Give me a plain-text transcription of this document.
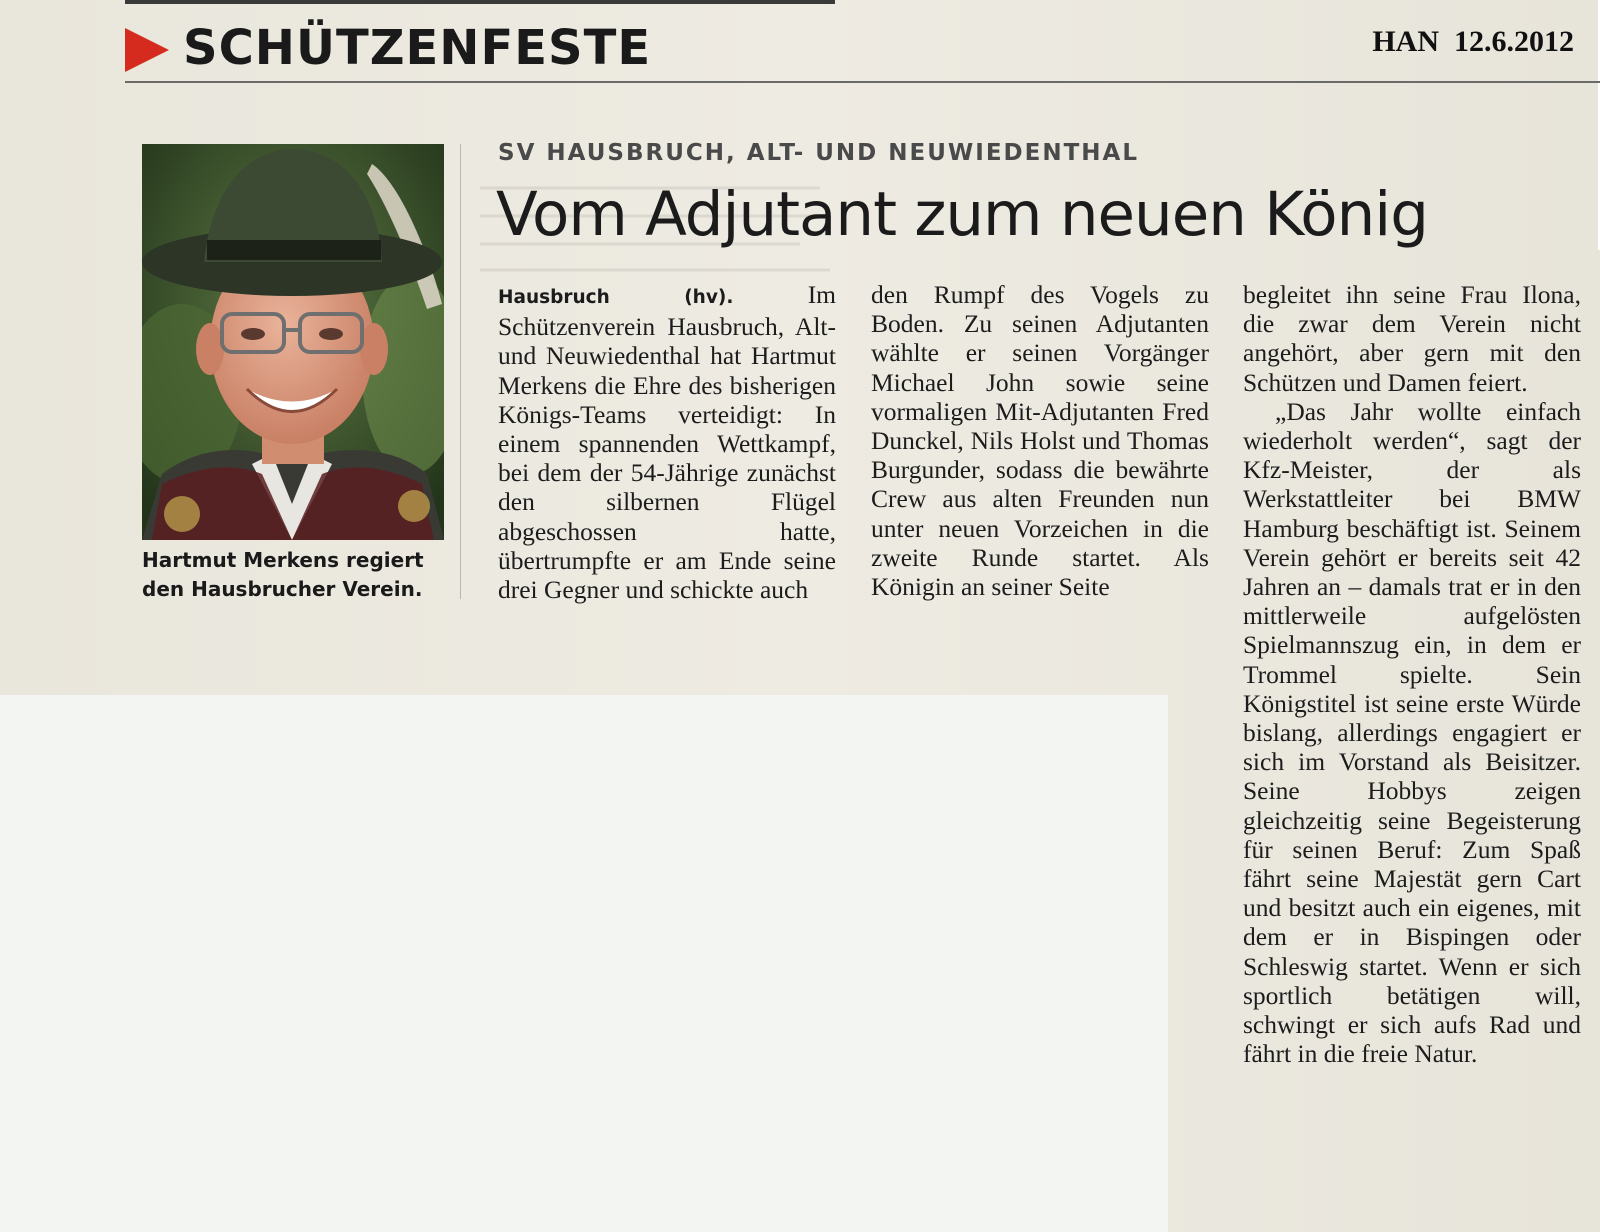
SCHÜTZENFESTE	HAN  12.6.2012
Hartmut Merkens regiert
den Hausbrucher Verein.
SV HAUSBRUCH, ALT- UND NEUWIEDENTHAL
Vom Adjutant zum neuen König

Hausbruch (hv).	Im Schützenverein Hausbruch, Alt- und Neuwiedenthal hat Hartmut Merkens die Ehre des bisherigen Königs-Teams verteidigt: In einem spannenden Wettkampf, bei dem der 54-Jährige zunächst den silbernen Flügel abgeschossen hatte, übertrumpfte er am Ende seine drei Gegner und schickte auch

den Rumpf des Vogels zu Boden. Zu seinen Adjutanten wählte er seinen Vorgänger Michael John sowie seine vormaligen Mit-Adjutanten Fred Dunckel, Nils Holst und Thomas Burgunder, sodass die bewährte Crew aus alten Freunden nun unter neuen Vorzeichen in die zweite Runde startet. Als Königin an seiner Seite

begleitet ihn seine Frau Ilona, die zwar dem Verein nicht angehört, aber gern mit den Schützen und Damen feiert.

„Das Jahr wollte einfach wiederholt werden“, sagt der Kfz-Meister, der als Werkstattleiter bei BMW Hamburg beschäftigt ist. Seinem Verein gehört er bereits seit 42 Jahren an – damals trat er in den mittlerweile aufgelösten Spielmannszug ein, in dem er Trommel spielte. Sein Königstitel ist seine erste Würde bislang, allerdings engagiert er sich im Vorstand als Beisitzer. Seine Hobbys zeigen gleichzeitig seine Begeisterung für seinen Beruf: Zum Spaß fährt seine Majestät gern Cart und besitzt auch ein eigenes, mit dem er in Bispingen oder Schleswig startet. Wenn er sich sportlich betätigen will, schwingt er sich aufs Rad und fährt in die freie Natur.
